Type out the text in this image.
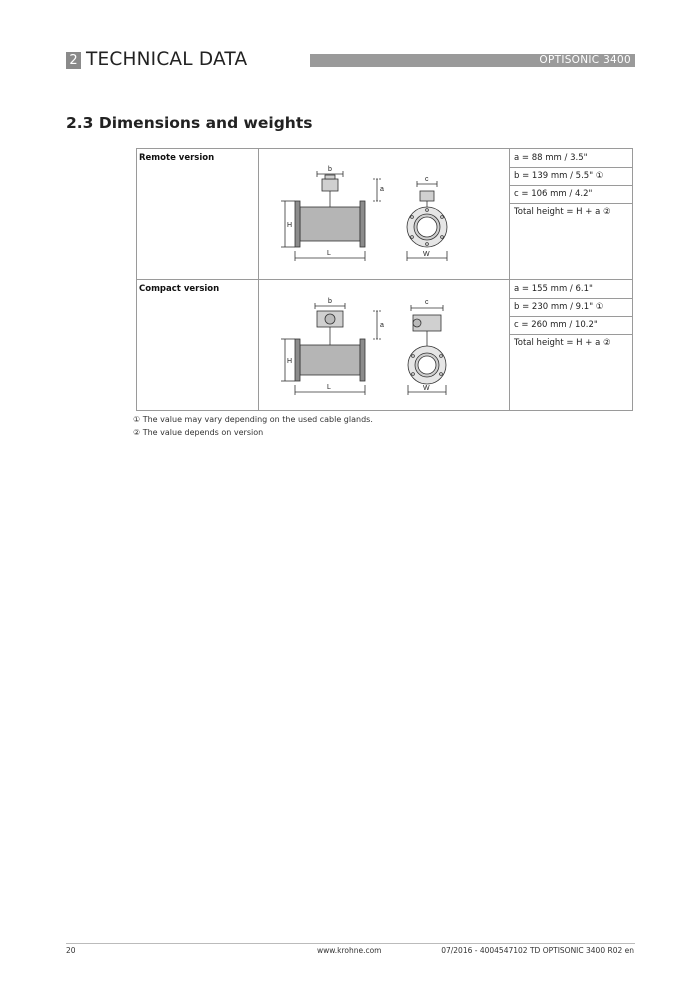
2 TECHNICAL DATA	OPTISONIC 3400
2.3 Dimensions and weights
Remote version	a = 88 mm / 3.5"
b = 139 mm / 5.5" ①
c = 106 mm / 4.2"
Total height = H + a ②
Compact version	a = 155 mm / 6.1"
b = 230 mm / 9.1" ①
c = 260 mm / 10.2"
Total height = H + a ②
b
a
H
L
c
W
b
a
H
L
c
W
① The value may vary depending on the used cable glands.
② The value depends on version
20	www.krohne.com	07/2016 - 4004547102 TD OPTISONIC 3400 R02 en
